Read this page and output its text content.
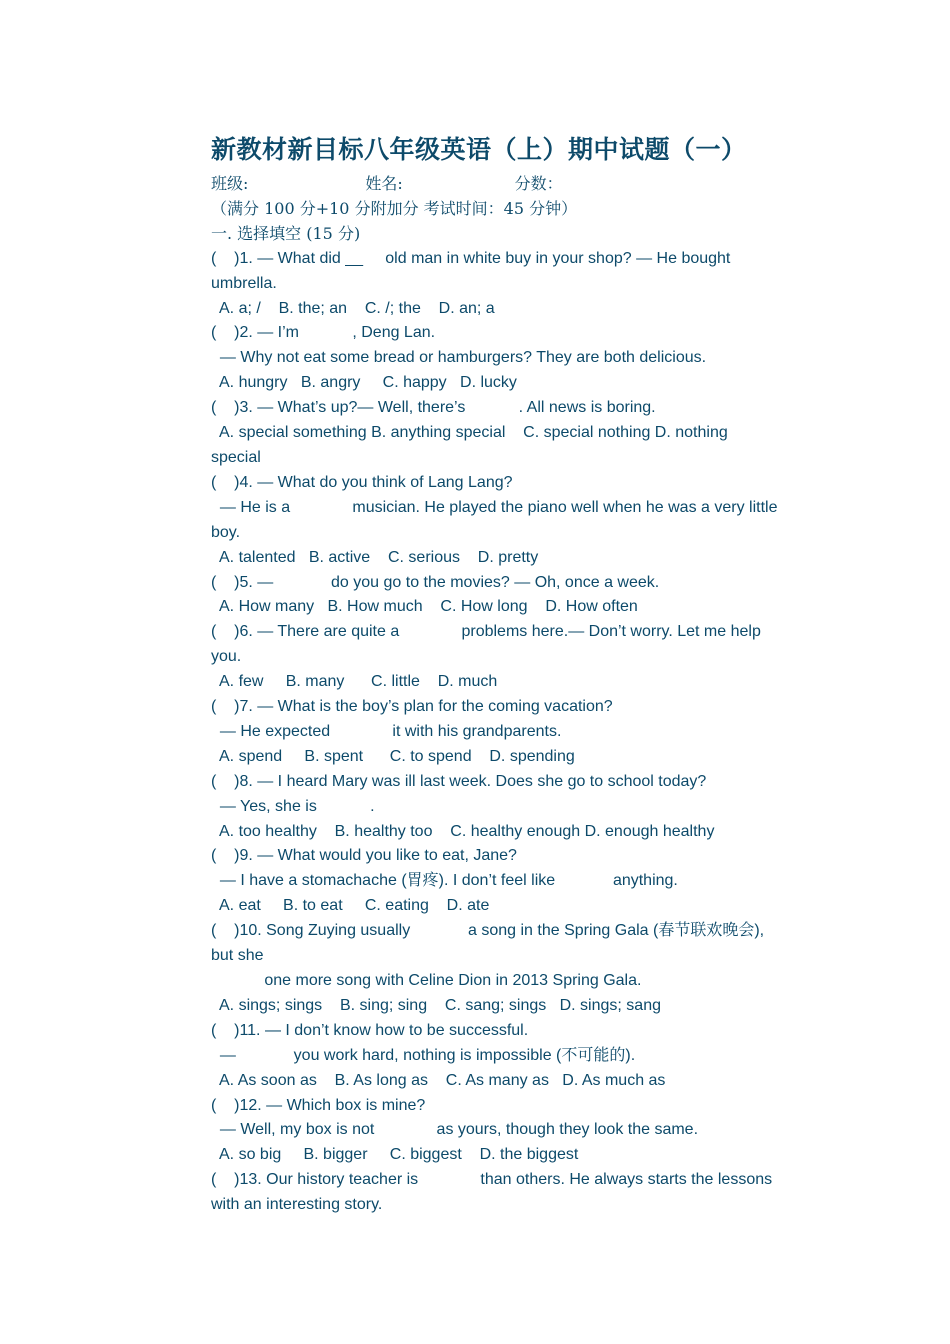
新教材新目标八年级英语（上）期中试题（一）
班级:                       姓名:                      分数：
（满分 100 分+10 分附加分 考试时间：45 分钟）
一. 选择填空 (15 分)
(    )1. — What did __     old man in white buy in your shop? — He bought
umbrella.
A. a; /    B. the; an    C. /; the    D. an; a
(    )2. — I’m            , Deng Lan.
— Why not eat some bread or hamburgers? They are both delicious.
A. hungry   B. angry     C. happy   D. lucky
(    )3. — What’s up?— Well, there’s            . All news is boring.
A. special something B. anything special    C. special nothing D. nothing
special
(    )4. — What do you think of Lang Lang?
— He is a              musician. He played the piano well when he was a very little
boy.
A. talented   B. active    C. serious    D. pretty
(    )5. —             do you go to the movies? — Oh, once a week.
A. How many   B. How much    C. How long    D. How often
(    )6. — There are quite a              problems here.— Don’t worry. Let me help
you.
A. few     B. many      C. little    D. much
(    )7. — What is the boy’s plan for the coming vacation?
— He expected              it with his grandparents.
A. spend     B. spent      C. to spend    D. spending
(    )8. — I heard Mary was ill last week. Does she go to school today?
— Yes, she is            .
A. too healthy    B. healthy too    C. healthy enough D. enough healthy
(    )9. — What would you like to eat, Jane?
— I have a stomachache (胃疼). I don’t feel like             anything.
A. eat     B. to eat     C. eating    D. ate
(    )10. Song Zuying usually             a song in the Spring Gala (春节联欢晚会),
but she
one more song with Celine Dion in 2013 Spring Gala.
A. sings; sings    B. sing; sing    C. sang; sings   D. sings; sang
(    )11. — I don’t know how to be successful.
—             you work hard, nothing is impossible (不可能的).
A. As soon as    B. As long as    C. As many as   D. As much as
(    )12. — Which box is mine?
— Well, my box is not              as yours, though they look the same.
A. so big     B. bigger     C. biggest    D. the biggest
(    )13. Our history teacher is              than others. He always starts the lessons
with an interesting story.
